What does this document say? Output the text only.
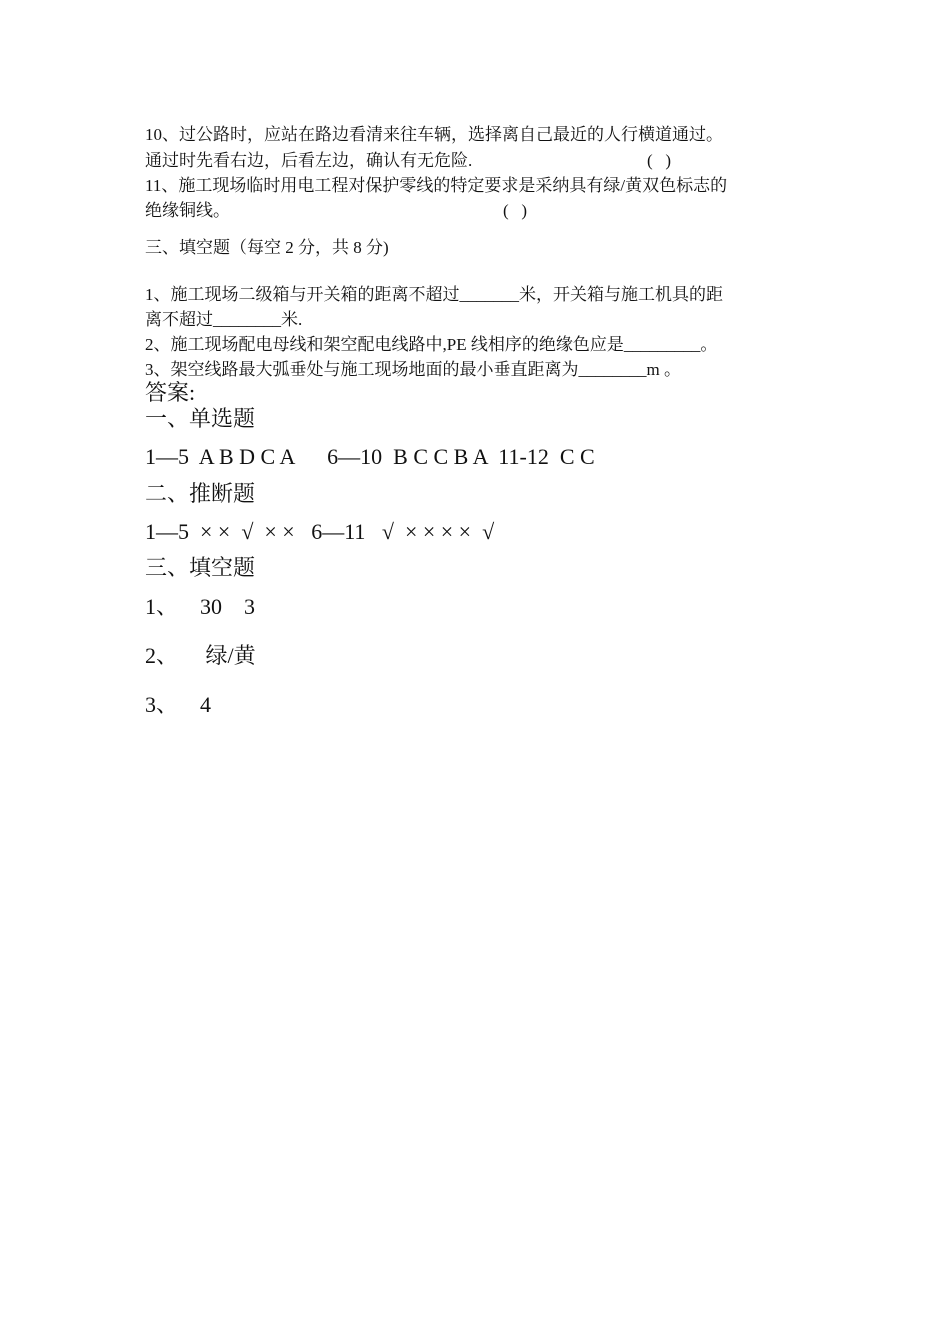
10、过公路时，应站在路边看清来往车辆，选择离自己最近的人行横道通过。
通过时先看右边，后看左边，确认有无危险.	(   )
11、施工现场临时用电工程对保护零线的特定要求是采纳具有绿/黄双色标志的
绝缘铜线。	(   )
三、填空题（每空 2 分，共 8 分)
1、施工现场二级箱与开关箱的距离不超过_______米，开关箱与施工机具的距
离不超过________米.
2、施工现场配电母线和架空配电线路中,PE 线相序的绝缘色应是_________。
3、架空线路最大弧垂处与施工现场地面的最小垂直距离为________m 。
答案:
一、单选题
1—5  A B D C A      6—10  B C C B A  11-12  C C
二、推断题
1—5  × ×  √  × ×   6—11   √  × × × ×  √
三、填空题
1、    30    3
2、     绿/黄
3、    4
